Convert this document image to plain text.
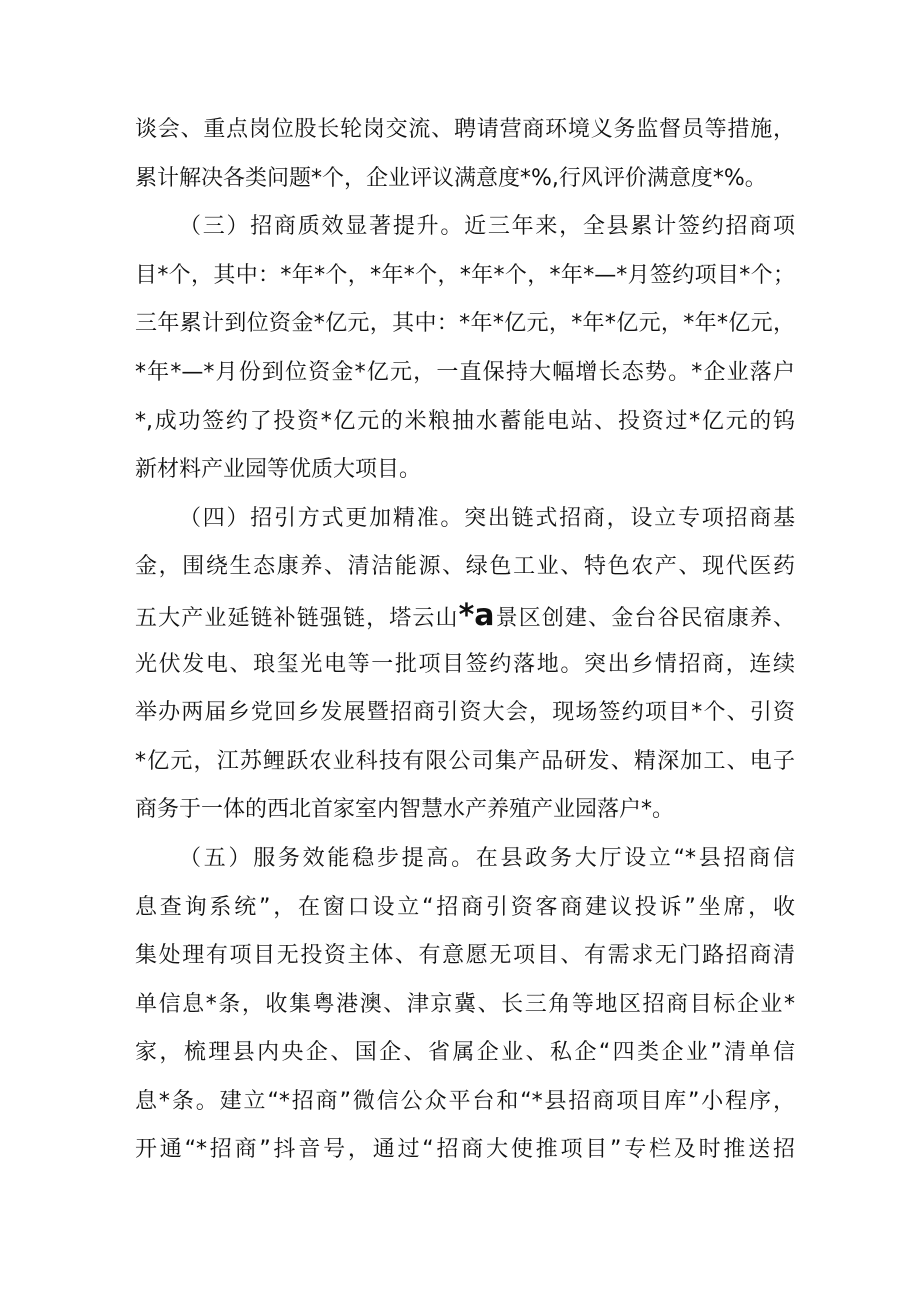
谈会、重点岗位股长轮岗交流、聘请营商环境义务监督员等措施，
累计解决各类问题*个，企业评议满意度*%,行风评价满意度*%。
（三）招商质效显著提升。近三年来，全县累计签约招商项
目*个，其中：*年*个，*年*个，*年*个，*年*—*月签约项目*个；
三年累计到位资金*亿元，其中：*年*亿元，*年*亿元，*年*亿元，
*年*—*月份到位资金*亿元，一直保持大幅增长态势。*企业落户
*,成功签约了投资*亿元的米粮抽水蓄能电站、投资过*亿元的钨
新材料产业园等优质大项目。
（四）招引方式更加精准。突出链式招商，设立专项招商基
金，围绕生态康养、清洁能源、绿色工业、特色农产、现代医药
五大产业延链补链强链，塔云山*a景区创建、金台谷民宿康养、
光伏发电、琅玺光电等一批项目签约落地。突出乡情招商，连续
举办两届乡党回乡发展暨招商引资大会，现场签约项目*个、引资
*亿元，江苏鲤跃农业科技有限公司集产品研发、精深加工、电子
商务于一体的西北首家室内智慧水产养殖产业园落户*。
（五）服务效能稳步提高。在县政务大厅设立“*县招商信
息查询系统”，在窗口设立“招商引资客商建议投诉”坐席，收
集处理有项目无投资主体、有意愿无项目、有需求无门路招商清
单信息*条，收集粤港澳、津京冀、长三角等地区招商目标企业*
家，梳理县内央企、国企、省属企业、私企“四类企业”清单信
息*条。建立“*招商”微信公众平台和“*县招商项目库”小程序，
开通“*招商”抖音号，通过“招商大使推项目”专栏及时推送招
